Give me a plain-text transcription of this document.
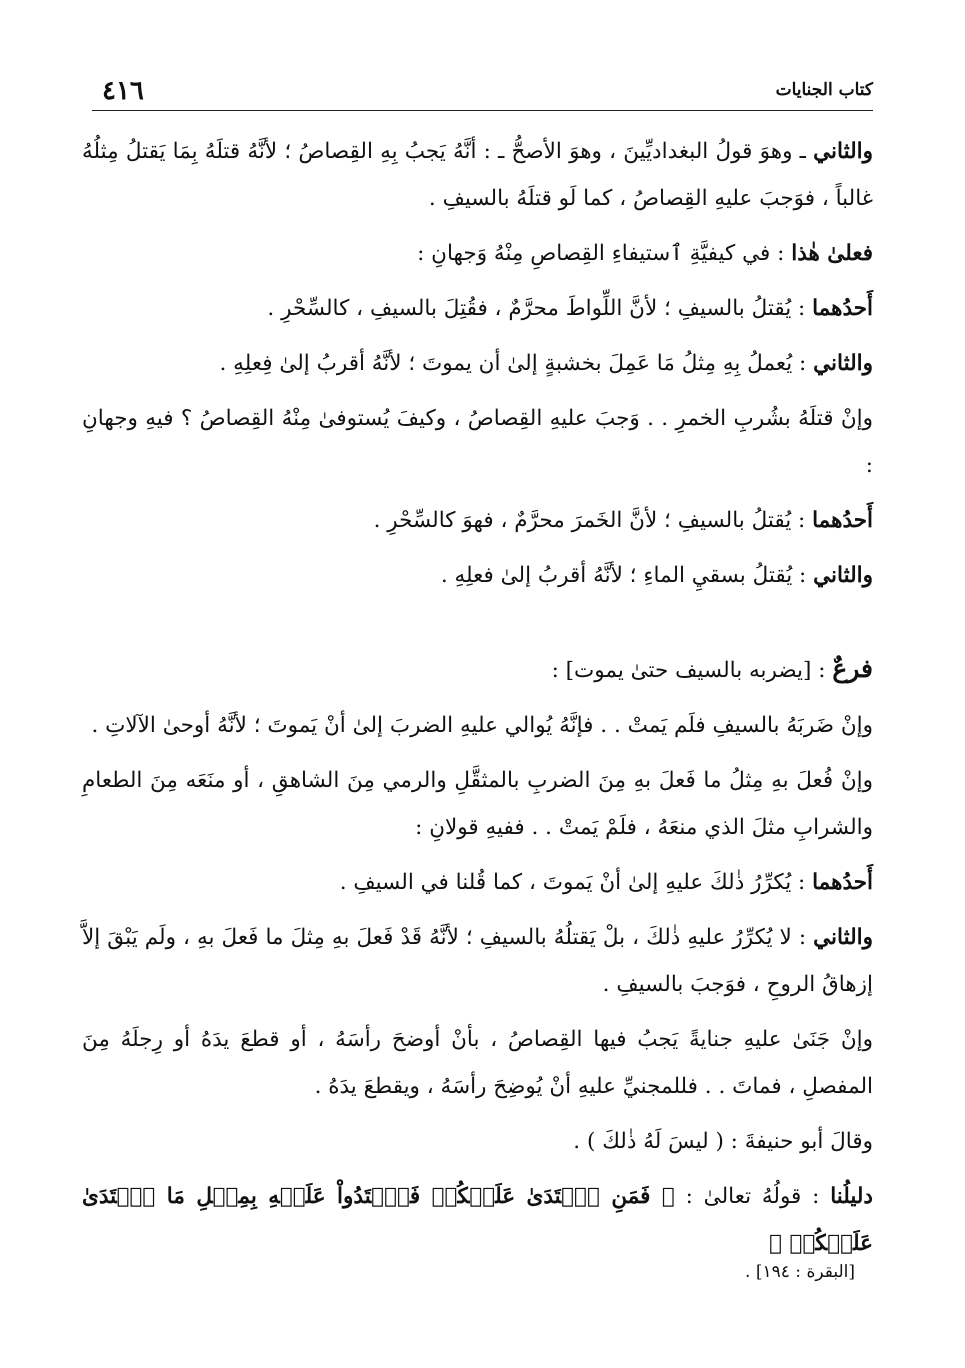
٤١٦	كتاب الجنايات

والثاني ـ وهوَ قولُ البغداديِّينَ ، وهوَ الأصحُّ ـ : أنَّهُ يَجبُ بِهِ القِصاصُ ؛ لأنَّهُ قتلَهُ بِمَا يَقتلُ مِثلُهُ غالباً ، فوَجبَ عليهِ القِصاصُ ، كما لَو قتلَهُ بالسيفِ .

فعلىٰ هٰذا : في كيفيَّةِ ٱستيفاءِ القِصاصِ مِنْهُ وَجهانِ :

أَحدُهما : يُقتلُ بالسيفِ ؛ لأنَّ اللِّواطَ محرَّمٌ ، فقُتِلَ بالسيفِ ، كالسِّحْرِ .

والثاني : يُعملُ بِهِ مِثلُ مَا عَمِلَ بخشبةٍ إلىٰ أن يموتَ ؛ لأنَّهُ أقربُ إلىٰ فِعلِهِ .

وإنْ قتلَهُ بشُربِ الخمرِ . . وَجبَ عليهِ القِصاصُ ، وكيفَ يُستوفىٰ مِنْهُ القِصاصُ ؟ فيهِ وجهانِ :

أَحدُهما : يُقتلُ بالسيفِ ؛ لأنَّ الخَمرَ محرَّمٌ ، فهوَ كالسِّحْرِ .

والثاني : يُقتلُ بسقيِ الماءِ ؛ لأنَّهُ أقربُ إلىٰ فعلِهِ .

فرعٌ : [يضربه بالسيف حتىٰ يموت] :

وإنْ ضَربَهُ بالسيفِ فلَم يَمتْ . . فإنَّهُ يُوالي عليهِ الضربَ إلىٰ أنْ يَموتَ ؛ لأنَّهُ أوحىٰ الآلاتِ .

وإنْ فُعلَ بهِ مِثلُ ما فَعلَ بهِ مِنَ الضربِ بالمثقَّلِ والرمي مِنَ الشاهقِ ، أو منَعَه مِنَ الطعامِ والشرابِ مثلَ الذي منعَهُ ، فلَمْ يَمتْ . . ففيهِ قولانِ :

أَحدُهما : يُكرِّرُ ذٰلكَ عليهِ إلىٰ أنْ يَموتَ ، كما قُلنا في السيفِ .

والثاني : لا يُكرِّرُ عليهِ ذٰلكَ ، بلْ يَقتلُهُ بالسيفِ ؛ لأنَّهُ قَدْ فَعلَ بهِ مِثلَ ما فَعلَ بهِ ، ولَم يَبْقَ إلاَّ إزهاقُ الروحِ ، فوَجبَ بالسيفِ .

وإنْ جَنَىٰ عليهِ جنايةً يَجبُ فيها القِصاصُ ، بأنْ أوضحَ رأسَهُ ، أو قطعَ يدَهُ أو رِجلَهُ مِنَ المفصلِ ، فماتَ . . فللمجنيِّ عليهِ أنْ يُوضِحَ رأسَهُ ، ويقطعَ يدَهُ .

وقالَ أبو حنيفةَ : ( ليسَ لَهُ ذٰلكَ ) .

دليلُنا : قولُهُ تعالىٰ : ﴿ فَمَنِ ٱعۡتَدَىٰ عَلَيۡكُمۡ فَٱعۡتَدُواْ عَلَيۡهِ بِمِثۡلِ مَا ٱعۡتَدَىٰ عَلَيۡكُمۡ ﴾

[البقرة : ١٩٤] .
